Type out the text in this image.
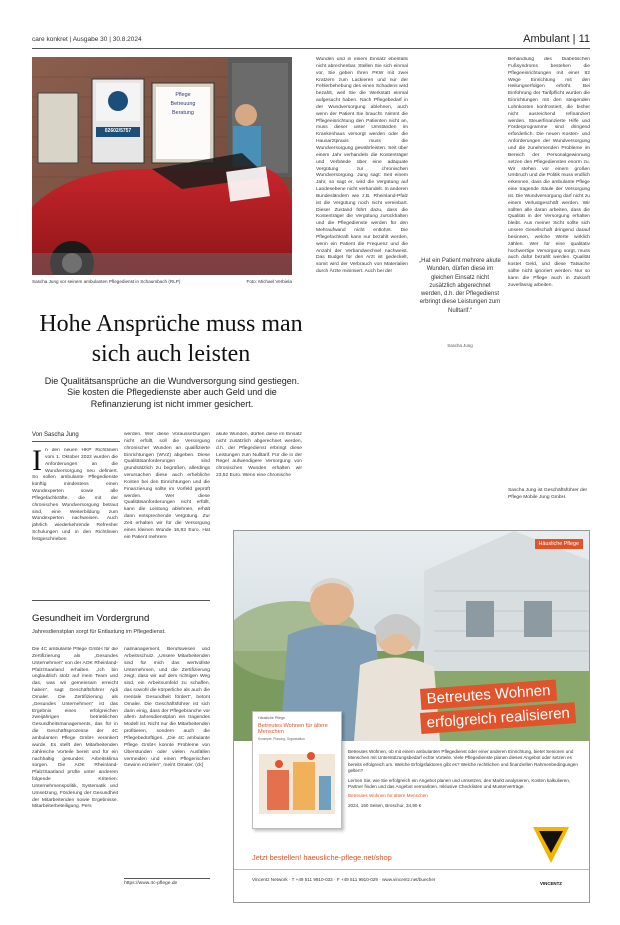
care konkret | Ausgabe 30 | 30.8.2024	Ambulant | 11
Pflege
Betreuung
Beratung
02602/5757
Sascha Jung vor seinem ambulanten Pflegedienst in Schaumbach (RLP)	Foto: Michael Verbiela
Hohe Ansprüche muss man sich auch leisten
Die Qualitätsansprüche an die Wundversorgung sind gestiegen. Sie kosten die Pflegedienste aber auch Geld und die Refinanzierung ist nicht immer gesichert.
Von Sascha Jung
In den neuen HKP Richtlinien vom 1. Oktober 2022 wurden die Anforderungen an die Wundversorgung neu definiert. So sollen ambulante Pflegedienste künftig mindestens einen Wundexperten sowie alle Pflegefachkräfte, die mit der chronischen Wundversorgung betraut sind, eine Weiterbildung zum Wundexperten nachweisen. Auch jährlich wiederkehrende Refresher Schulungen und in den Richtlinien festgeschrieben
werden. Wer diese Voraussetzungen nicht erfüllt, soll die Versorgung chronischer Wunden an qualifizierte Einrichtungen (WVZ) abgeben. Diese Qualitätsanforderungen sind grundsätzlich zu begrüßen, allerdings verursachen diese auch erhebliche Kosten bei den Einrichtungen und die Finanzierung sollte im Vorfeld geprüft werden. Wer diese Qualitätsanforderungen nicht erfüllt, kann die Leistung ablehnen, erhält dann entsprechende Vergütung. Zur Zeit erhalten wir für die Versorgung eines kleinen Wunde 16,93 Euro. Hat ein Patient mehrere
akute Wunden, dürfen diese im Einsatz nicht zusätzlich abgerechnet werden, d.h. der Pflegedienst erbringt diese Leistungen zum Nulltarif. Für die in der Regel aufwendigere Versorgung von chronischen Wunden erhalten wir 23,52 Euro. Wenn eine chronische
Wunden und in einem Einsatz ebenfalls nicht abrechenbar. Stellen Sie sich einmal vor, Sie geben Ihren PKW mit zwei Kratzern zum Lackieren und nur der Fehlerbehebung des einen Schadens wird bezahlt, weil Sie die Werkstatt einmal aufgesucht haben. Nach Pflegebedarf in der Wundversorgung ablehnen, auch wenn der Patient Sie braucht. Nimmt die Pflegeeinrichtung den Patienten nicht an, muss dieser unter Umständen im Krankenhaus versorgt werden oder die Hausarztpraxis muss die Wundversorgung gewährleisten. Seit über einem Jahr verhandeln die Kostenträger und Verbände über eine adäquate Vergütung zur chronischen Wundversorgung. Jung sagt: Seit einem Jahr, so sagt er, wird die Vergütung auf Landesebene nicht verhandelt. In anderen Bundesländern wie z.B. Rheinland-Pfalz ist die Vergütung noch nicht vereinbart. Dieser Zustand führt dazu, dass die Kostenträger die Vergütung zurückhalten und die Pflegedienste werden für den Mehraufwand nicht entlohnt. Die Pflegefachkraft kann nur bezahlt werden, wenn ein Patient die Frequenz und die Anzahl der Verbandwechsel nachweist. Das Budget für den Arzt ist gedeckelt, somit wird der Verbrauch von Materialien durch Ärzte minimiert. Auch bei der
Behandlung des Diabetischen Fußsyndroms bestehen die Pflegeeinrichtungen mit einer 82 Wege Einrichtung mit den Heilungserfolgen erhöht. Bei Einführung der Tarifpflicht wurden die Einrichtungen mit den steigenden Lohnkosten konfrontiert, die bisher nicht ausreichend refinanziert werden. Steuerfinanzierte Hilfe und Förderprogramme sind dringend erforderlich. Die neuen Kosten- und Anforderungen der Wundversorgung und die zunehmenden Probleme im Bereich der Personalgewinnung setzen den Pflegediensten enorm zu. Wir stehen vor einem großen Umbruch und die Politik muss endlich erkennen, dass die ambulante Pflege eine tragende Säule der Versorgung ist. Die Wundversorgung darf nicht zu einem Verlustgeschäft werden. Wir sollten alle daran arbeiten, dass die Qualität in der Versorgung erhalten bleibt. Aus meiner Sicht sollte sich unsere Gesellschaft dringend darauf besinnen, welche Werte wirklich zählen. Wer für eine qualitativ hochwertige Versorgung sorgt, muss auch dafür bezahlt werden. Qualität kostet Geld, und diese Tatsache sollte nicht ignoriert werden. Nur so kann die Pflege auch in Zukunft zuverlässig arbeiten.
Sascha Jung ist Geschäftsführer der Pflege Mobile Jung GmbH.
„Hat ein Patient mehrere akute Wunden, dürfen diese im gleichen Einsatz nicht zusätzlich abgerechnet werden, d.h. der Pflegedienst erbringt diese Leistungen zum Nulltarif.“
Sascha Jung
Gesundheit im Vordergrund
Jahresdienstplan sorgt für Entlastung im Pflegedienst.
Die 4C ambulante Pflege GmbH für die Zertifizierung als „Gesundes Unternehmen“ von der AOK Rheinland-Pfalz/Saarland erhalten. „Ich bin unglaublich stolz auf mein Team und das, was wir gemeinsam erreicht haben“, sagt Geschäftsführer Ajdi Omaler. Die Zertifizierung als „Gesundes Unternehmen“ ist das Ergebnis eines erfolgreichen zweijährigen betrieblichen Gesundheitsmanagements, das für in die Geschäftsprozesse der 4C ambulanten Pflege GmbH verankert wurde. Es stellt den Mitarbeitenden zahlreiche Vorteile bereit und für ein nachhaltig gesundes Arbeitsklima sorgen. Die AOK Rheinland-Pfalz/Saarland prüfte unter anderem folgende Kriterien: Unternehmenspolitik, Systematik und Umsetzung, Förderung der Gesundheit der Mitarbeitenden sowie Ergebnisse. Mitarbeiterbeteiligung. Pers
nalmanagement, Berufswesen und Arbeitsschutz. „Unsere Mitarbeitenden sind für mich das wertvollste Unternehmen, und die Zertifizierung zeigt, dass wir auf dem richtigen Weg sind, ein Arbeitsumfeld zu schaffen, das sowohl die körperliche als auch die mentale Gesundheit fördert“, betont Omaler. Die Geschäftsführer ist sich darin einig, dass der Pflegebranche vor allem Jahresdienstplan ein tragendes Modell ist. Nicht nur die Mitarbeitenden profitieren, sondern auch die Pflegebedürftigen. „Die 4C ambulante Pflege GmbH konnte Probleme von Überstunden oder vielen Ausfällen vermeiden und einen Pflegerischen Gewinn erzielen“, meint Omaler. (ck)
https://www.4c-pflege.de
Häusliche Pflege
Betreutes Wohnen
erfolgreich realisieren
Häusliche Pflege
Betreutes Wohnen für ältere Menschen
Konzepte, Planung, Organisation

Betreutes Wohnen, ob mit einem ambulanten Pflegedienst oder einer anderen Einrichtung, bietet Senioren und Menschen mit Unterstützungsbedarf echte Vorteile. Viele Pflegedienste planen dieses Angebot oder setzen es bereits erfolgreich um. Welche Erfolgsfaktoren gibt es? Welche rechtlichen und finanziellen Rahmenbedingungen gelten?

Lernen Sie, wie Sie erfolgreich ein Angebot planen und umsetzen, den Markt analysieren, Kosten kalkulieren, Partner finden und das Angebot vermarkten. Inklusive Checklisten und Musterverträge.

Betreutes Wohnen für ältere Menschen

2024, 160 Seiten, Broschur, 34,90 €

Jetzt bestellen! haeusliche-pflege.net/shop
Vincentz Network · T +49 511 9910-033 · F +49 511 9910-029 · www.vincentz.net/buecher
VINCENTZ
